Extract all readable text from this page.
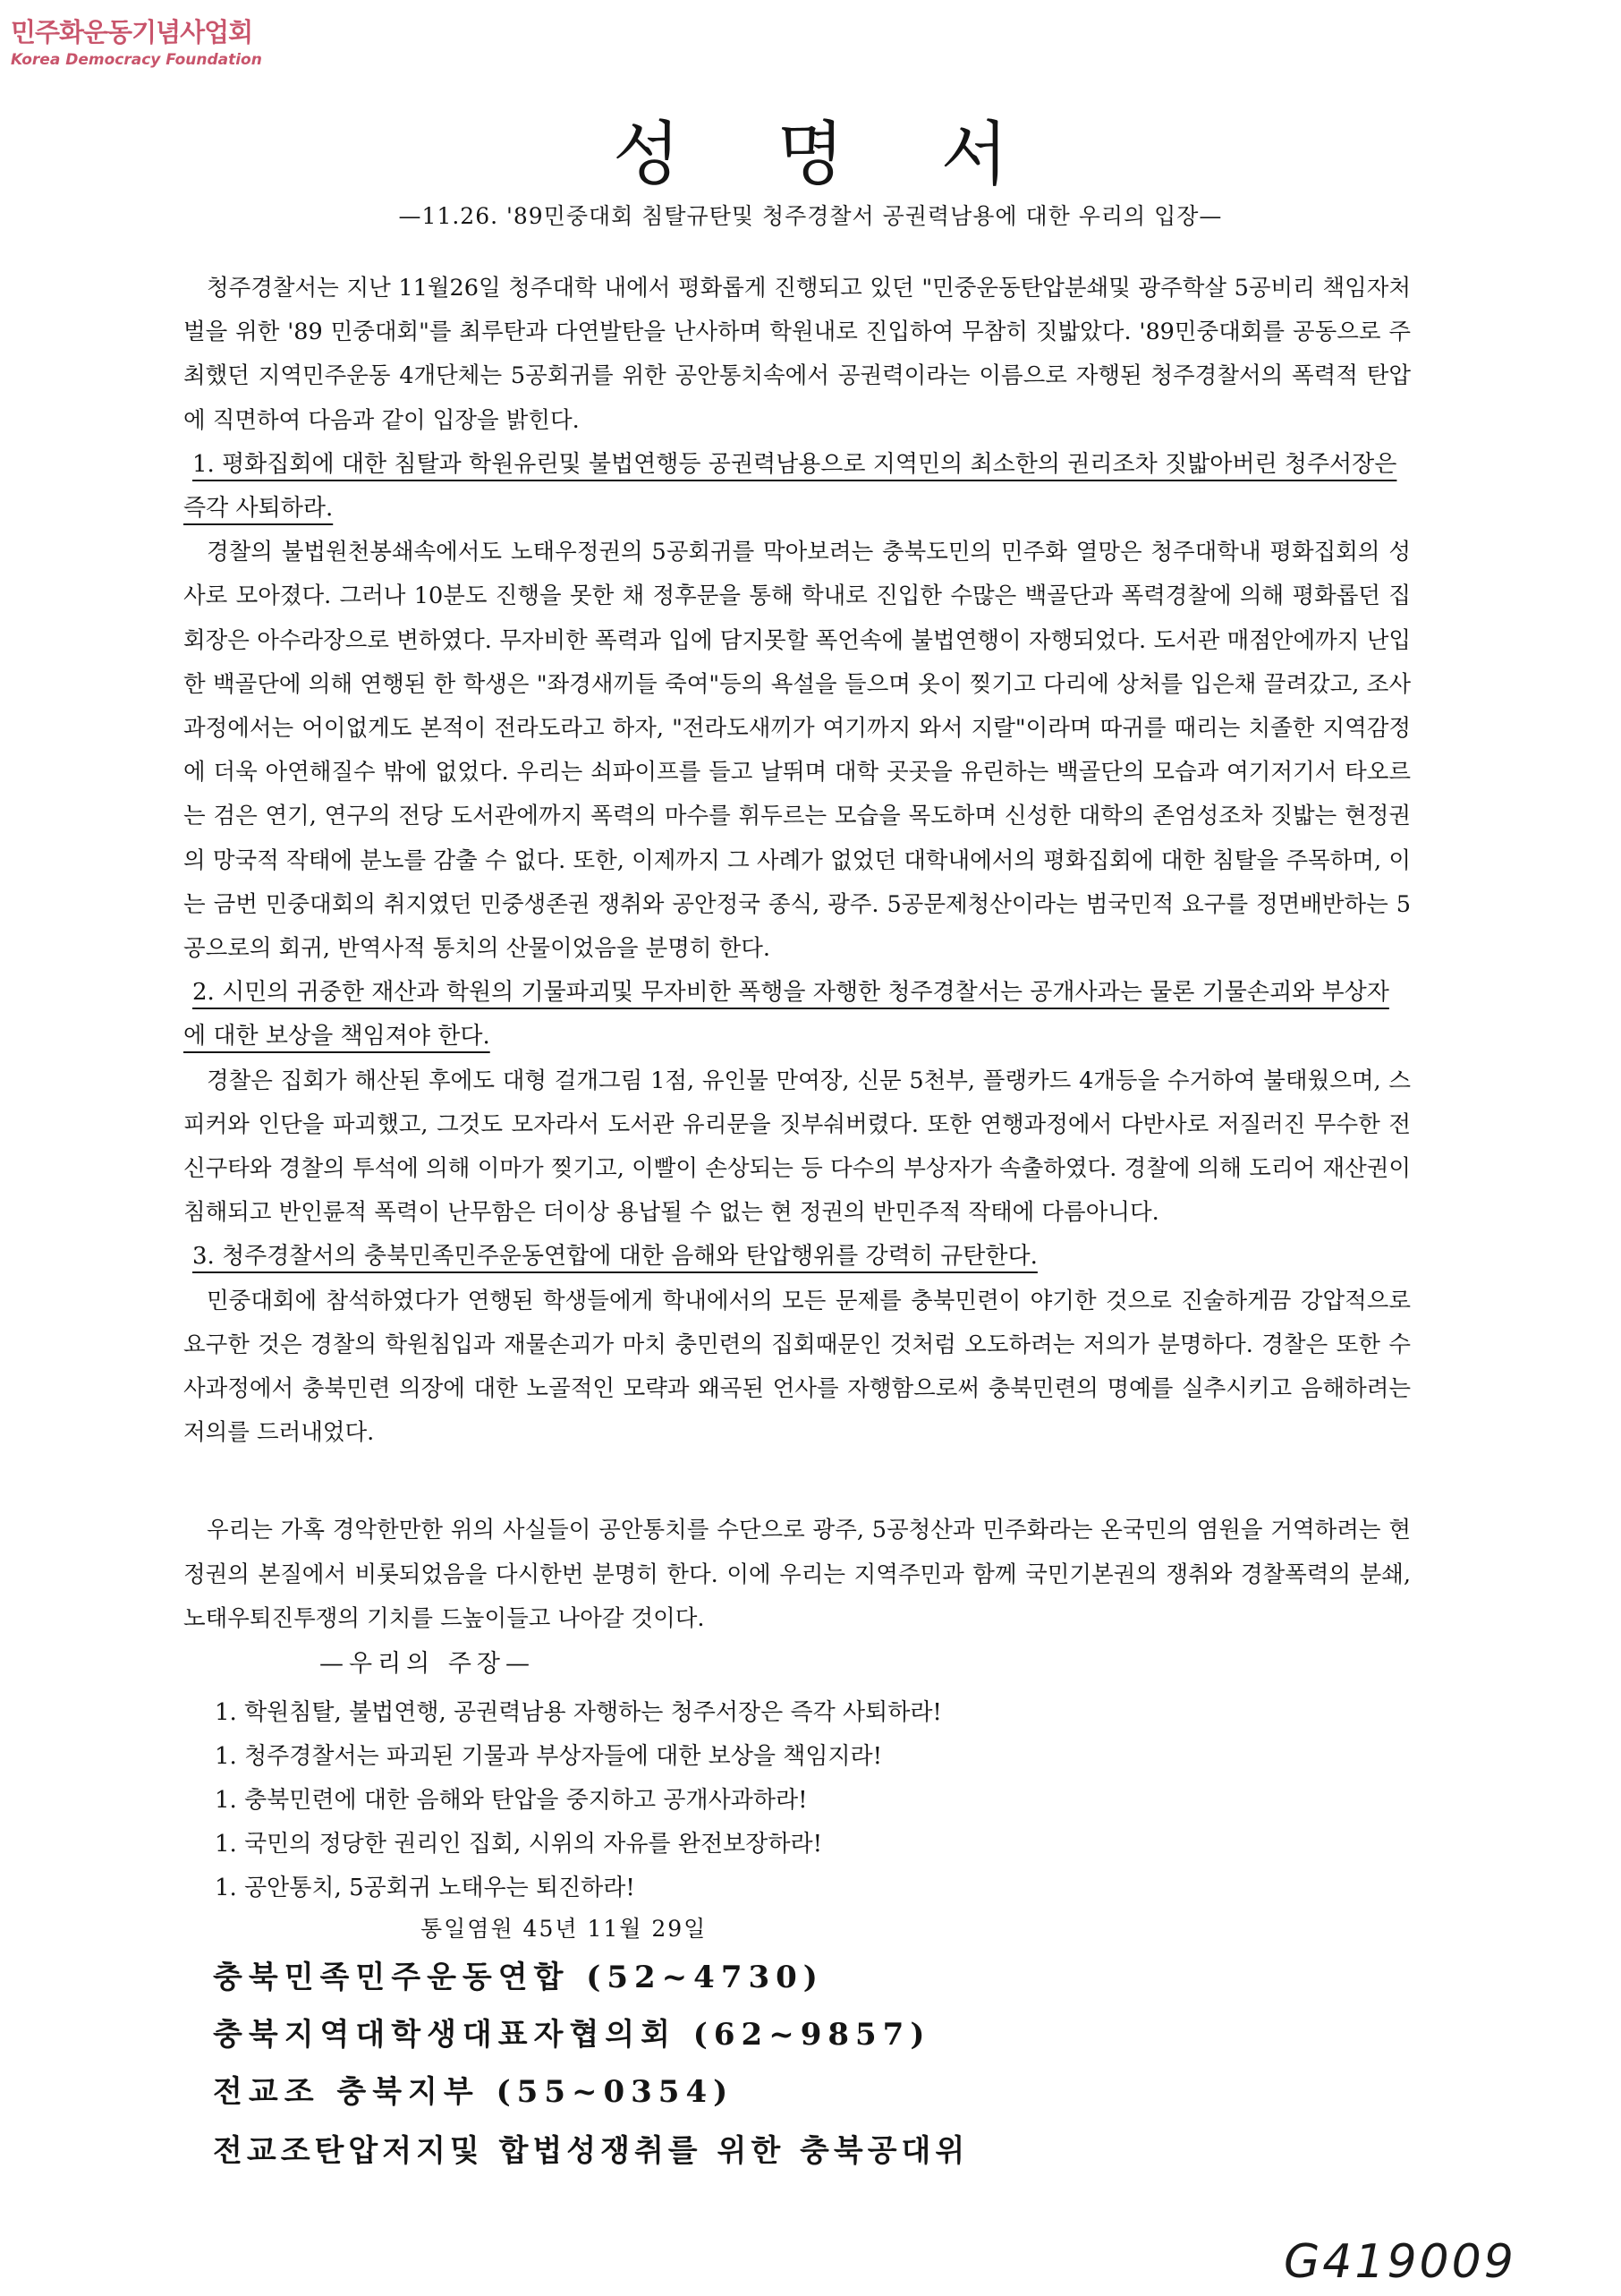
민주화운동기념사업회
Korea Democracy Foundation
성명서
—11.26. '89민중대회 침탈규탄및 청주경찰서 공권력남용에 대한 우리의 입장—

청주경찰서는 지난 11월26일 청주대학 내에서 평화롭게 진행되고 있던 "민중운동탄압분쇄및 광주학살 5공비리 책임자처벌을 위한 '89 민중대회"를 최루탄과 다연발탄을 난사하며 학원내로 진입하여 무참히 짓밟았다. '89민중대회를 공동으로 주최했던 지역민주운동 4개단체는 5공회귀를 위한 공안통치속에서 공권력이라는 이름으로 자행된 청주경찰서의 폭력적 탄압에 직면하여 다음과 같이 입장을 밝힌다.

1. 평화집회에 대한 침탈과 학원유린및 불법연행등 공권력남용으로 지역민의 최소한의 권리조차 짓밟아버린 청주서장은 즉각 사퇴하라.

경찰의 불법원천봉쇄속에서도 노태우정권의 5공회귀를 막아보려는 충북도민의 민주화 열망은 청주대학내 평화집회의 성사로 모아졌다. 그러나 10분도 진행을 못한 채 정후문을 통해 학내로 진입한 수많은 백골단과 폭력경찰에 의해 평화롭던 집회장은 아수라장으로 변하였다. 무자비한 폭력과 입에 담지못할 폭언속에 불법연행이 자행되었다. 도서관 매점안에까지 난입한 백골단에 의해 연행된 한 학생은 "좌경새끼들 죽여"등의 욕설을 들으며 옷이 찢기고 다리에 상처를 입은채 끌려갔고, 조사과정에서는 어이없게도 본적이 전라도라고 하자, "전라도새끼가 여기까지 와서 지랄"이라며 따귀를 때리는 치졸한 지역감정에 더욱 아연해질수 밖에 없었다. 우리는 쇠파이프를 들고 날뛰며 대학 곳곳을 유린하는 백골단의 모습과 여기저기서 타오르는 검은 연기, 연구의 전당 도서관에까지 폭력의 마수를 휘두르는 모습을 목도하며 신성한 대학의 존엄성조차 짓밟는 현정권의 망국적 작태에 분노를 감출 수 없다. 또한, 이제까지 그 사례가 없었던 대학내에서의 평화집회에 대한 침탈을 주목하며, 이는 금번 민중대회의 취지였던 민중생존권 쟁취와 공안정국 종식, 광주. 5공문제청산이라는 범국민적 요구를 정면배반하는 5공으로의 회귀, 반역사적 통치의 산물이었음을 분명히 한다.

2. 시민의 귀중한 재산과 학원의 기물파괴및 무자비한 폭행을 자행한 청주경찰서는 공개사과는 물론 기물손괴와 부상자에 대한 보상을 책임져야 한다.

경찰은 집회가 해산된 후에도 대형 걸개그림 1점, 유인물 만여장, 신문 5천부, 플랭카드 4개등을 수거하여 불태웠으며, 스피커와 인단을 파괴했고, 그것도 모자라서 도서관 유리문을 짓부숴버렸다. 또한 연행과정에서 다반사로 저질러진 무수한 전신구타와 경찰의 투석에 의해 이마가 찢기고, 이빨이 손상되는 등 다수의 부상자가 속출하였다. 경찰에 의해 도리어 재산권이 침해되고 반인륜적 폭력이 난무함은 더이상 용납될 수 없는 현 정권의 반민주적 작태에 다름아니다.

3. 청주경찰서의 충북민족민주운동연합에 대한 음해와 탄압행위를 강력히 규탄한다.

민중대회에 참석하였다가 연행된 학생들에게 학내에서의 모든 문제를 충북민련이 야기한 것으로 진술하게끔 강압적으로 요구한 것은 경찰의 학원침입과 재물손괴가 마치 충민련의 집회때문인 것처럼 오도하려는 저의가 분명하다. 경찰은 또한 수사과정에서 충북민련 의장에 대한 노골적인 모략과 왜곡된 언사를 자행함으로써 충북민련의 명예를 실추시키고 음해하려는 저의를 드러내었다.

우리는 가혹 경악한만한 위의 사실들이 공안통치를 수단으로 광주, 5공청산과 민주화라는 온국민의 염원을 거역하려는 현 정권의 본질에서 비롯되었음을 다시한번 분명히 한다. 이에 우리는 지역주민과 함께 국민기본권의 쟁취와 경찰폭력의 분쇄, 노태우퇴진투쟁의 기치를 드높이들고 나아갈 것이다.

—우리의 주장—
1. 학원침탈, 불법연행, 공권력남용 자행하는 청주서장은 즉각 사퇴하라!
1. 청주경찰서는 파괴된 기물과 부상자들에 대한 보상을 책임지라!
1. 충북민련에 대한 음해와 탄압을 중지하고 공개사과하라!
1. 국민의 정당한 권리인 집회, 시위의 자유를 완전보장하라!
1. 공안통치, 5공회귀 노태우는 퇴진하라!
통일염원 45년 11월 29일

충북민족민주운동연합 (52~4730)

충북지역대학생대표자협의회 (62~9857)

전교조 충북지부 (55~0354)

전교조탄압저지및 합법성쟁취를 위한 충북공대위

G419009
